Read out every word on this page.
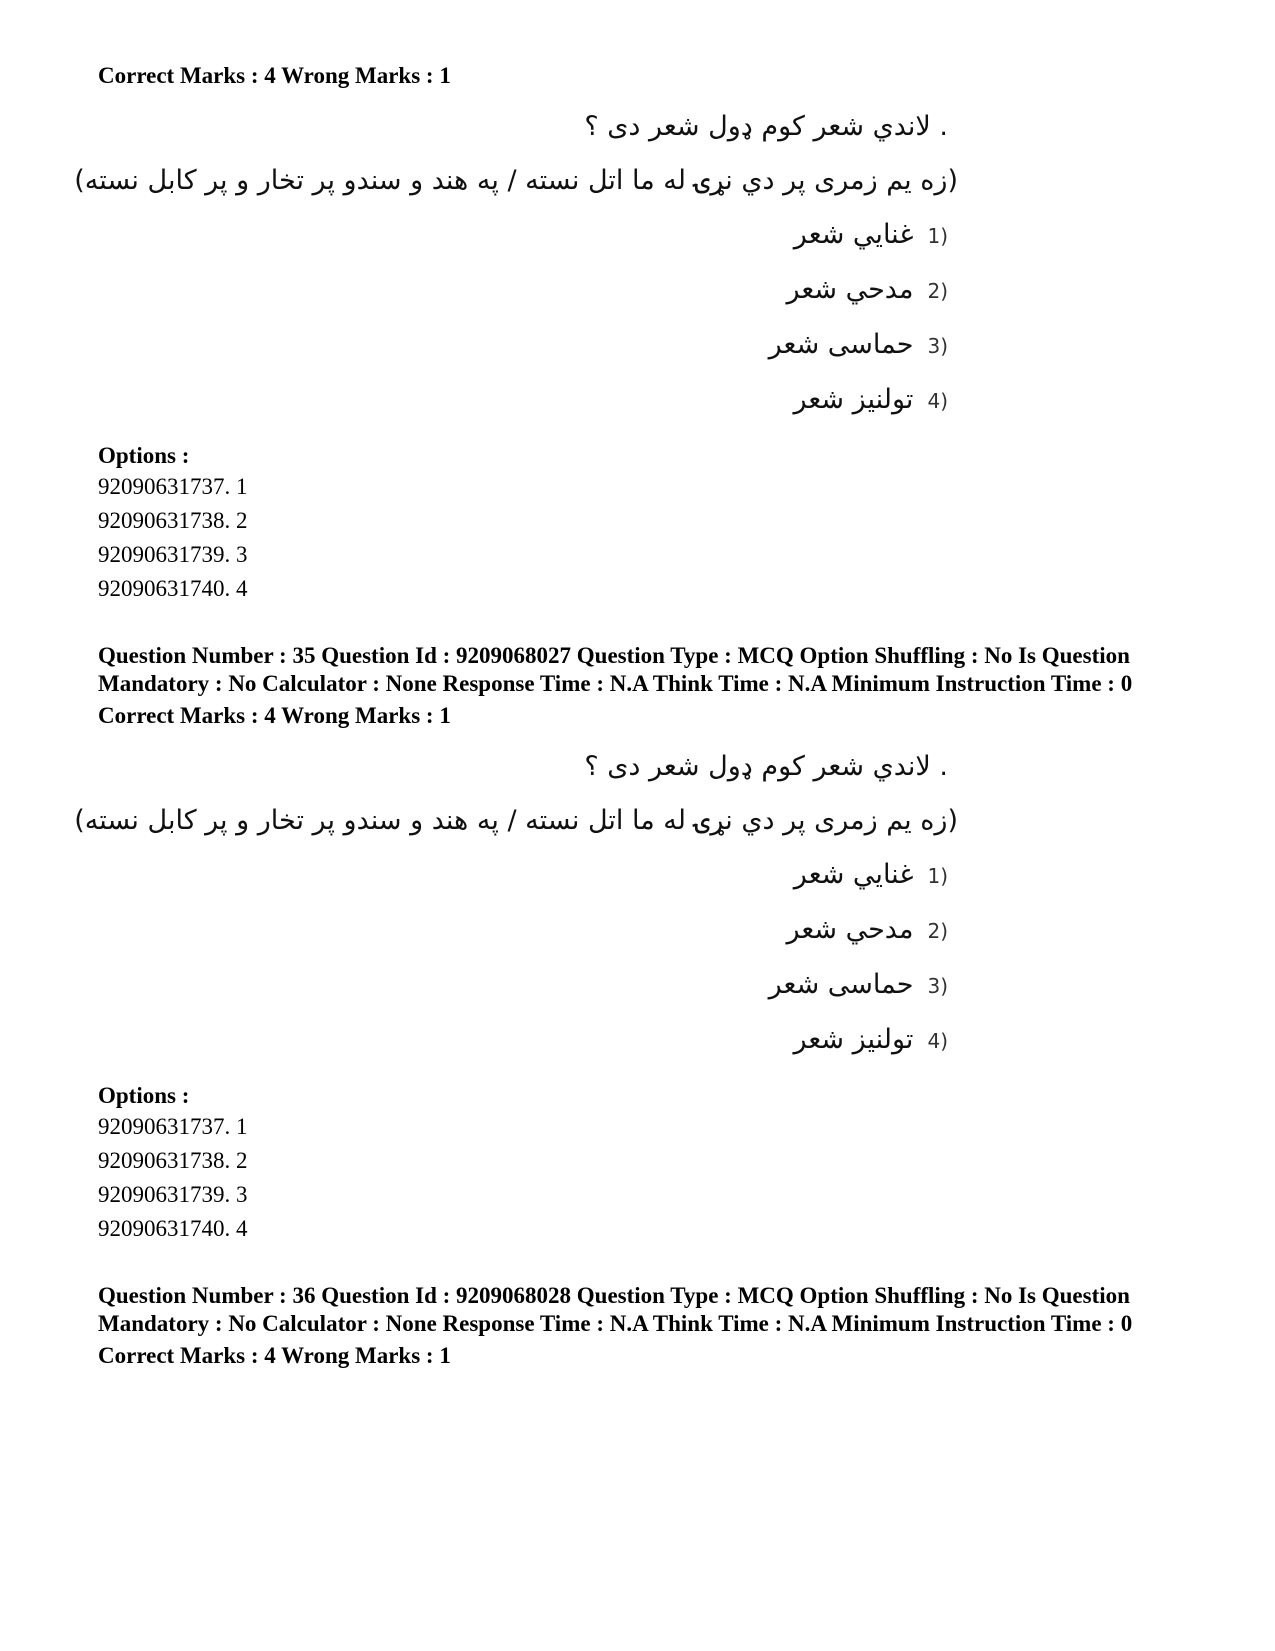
Correct Marks : 4 Wrong Marks : 1
. لاندي شعر کوم ډول شعر دی ؟
(زه یم زمری پر دي نړۍ له ما اتل نسته / په هند و سندو پر تخار و پر کابل نسته)
(1غنایي شعر
(2مدحي شعر
(3حماسی شعر
(4تولنيز شعر
Options :
92090631737. 1
92090631738. 2
92090631739. 3
92090631740. 4
Question Number : 35 Question Id : 9209068027 Question Type : MCQ Option Shuffling : No Is Question Mandatory : No Calculator : None Response Time : N.A Think Time : N.A Minimum Instruction Time : 0
Correct Marks : 4 Wrong Marks : 1
. لاندي شعر کوم ډول شعر دی ؟
(زه یم زمری پر دي نړۍ له ما اتل نسته / په هند و سندو پر تخار و پر کابل نسته)
(1غنایي شعر
(2مدحي شعر
(3حماسی شعر
(4تولنيز شعر
Options :
92090631737. 1
92090631738. 2
92090631739. 3
92090631740. 4
Question Number : 36 Question Id : 9209068028 Question Type : MCQ Option Shuffling : No Is Question Mandatory : No Calculator : None Response Time : N.A Think Time : N.A Minimum Instruction Time : 0
Correct Marks : 4 Wrong Marks : 1
